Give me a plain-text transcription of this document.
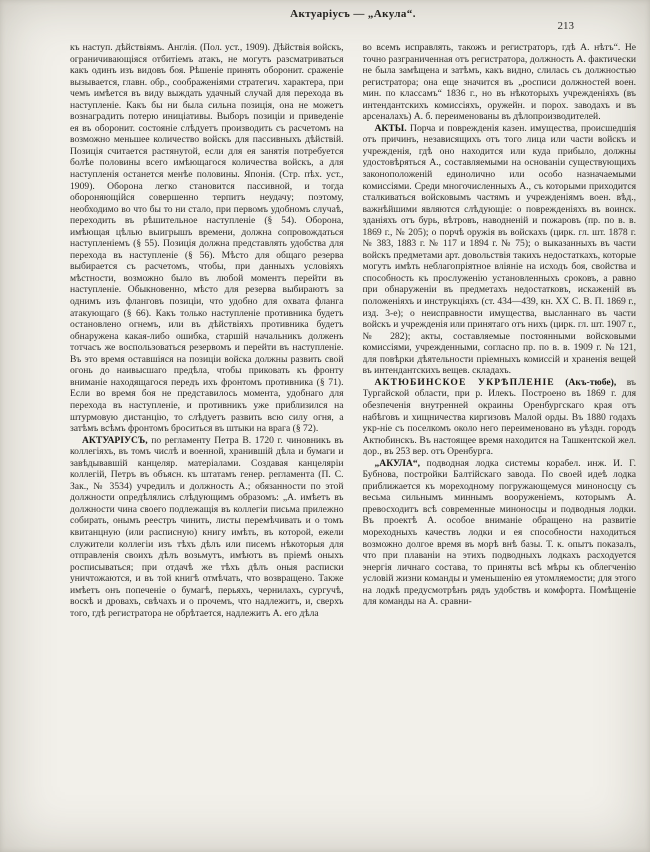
Актуаріусъ — „Акула“.
213

къ наступ. дѣйствіямъ. Англія. (Пол. уст., 1909). Дѣйствія войскъ, ограничивающіяся отбитіемъ атакъ, не могутъ разсматриваться какъ одинъ изъ видовъ боя. Рѣшеніе принять оборонит. сраженіе вызывается, главн. обр., соображеніями стратегич. характера, при чемъ имѣется въ виду выждать удачный случай для перехода въ наступленіе. Какъ бы ни была сильна позиція, она не можетъ вознаградить потерю иниціативы. Выборъ позиціи и приведеніе ея въ оборонит. состояніе слѣдуетъ производить съ расчетомъ на возможно меньшее количество войскъ для пассивныхъ дѣйствій. Позиція считается растянутой, если для ея занятія потребуется болѣе половины всего имѣющагося количества войскъ, а для наступленія останется менѣе половины. Японія. (Стр. пѣх. уст., 1909). Оборона легко становится пассивной, и тогда обороняющійся совершенно терпитъ неудачу; поэтому, необходимо во что бы то ни стало, при первомъ удобномъ случаѣ, переходить въ рѣшительное наступленіе (§ 54). Оборона, имѣющая цѣлью выигрышъ времени, должна сопровождаться наступленіемъ (§ 55). Позиція должна представлять удобства для перехода въ наступленіе (§ 56). Мѣсто для общаго резерва выбирается съ расчетомъ, чтобы, при данныхъ условіяхъ мѣстности, возможно было въ любой моментъ перейти въ наступленіе. Обыкновенно, мѣсто для резерва выбираютъ за однимъ изъ фланговъ позиціи, что удобно для охвата фланга атакующаго (§ 66). Какъ только наступленіе противника будетъ остановлено огнемъ, или въ дѣйствіяхъ противника будетъ обнаружена какая-либо ошибка, старшій начальникъ долженъ тотчасъ же воспользоваться резервомъ и перейти въ наступленіе. Въ это время оставшіяся на позиціи войска должны развить свой огонь до наивысшаго предѣла, чтобы приковать къ фронту вниманіе находящагося передъ ихъ фронтомъ противника (§ 71). Если во время боя не представилось момента, удобнаго для перехода въ наступленіе, и противникъ уже приблизился на штурмовую дистанцію, то слѣдуетъ развить всю силу огня, а затѣмъ всѣмъ фронтомъ броситься въ штыки на врага (§ 72).

АКТУАРІУСЪ, по регламенту Петра В. 1720 г. чиновникъ въ коллегіяхъ, въ томъ числѣ и военной, хранившій дѣла и бумаги и завѣдывавшій канцеляр. матеріалами. Создавая канцеляріи коллегій, Петръ въ объясн. къ штатамъ генер. регламента (П. С. Зак., № 3534) учредилъ и должность А.; обязанности по этой должности опредѣлялись слѣдующимъ образомъ: „А. имѣетъ въ должности чина своего подлежащія въ коллегіи письма прилежно собирать, онымъ реестръ чинить, листы перемѣчивать и о томъ квитанцную (или расписную) книгу имѣть, въ которой, ежели служители коллегіи изъ тѣхъ дѣлъ или писемъ нѣкоторыя для отправленія своихъ дѣлъ возьмутъ, имѣютъ въ пріемѣ оныхъ росписываться; при отдачѣ же тѣхъ дѣлъ оныя расписки уничтожаются, и въ той книгѣ отмѣчать, что возвращено. Также имѣетъ онъ попеченіе о бумагѣ, перьяхъ, чернилахъ, сургучѣ, воскѣ и дровахъ, свѣчахъ и о прочемъ, что надлежитъ, и, сверхъ того, гдѣ регистратора не обрѣтается, надлежитъ А. его дѣла

во всемъ исправлять, такожъ и регистраторъ, гдѣ А. нѣтъ“. Не точно разграниченная отъ регистратора, должность А. фактически не была замѣщена и затѣмъ, какъ видно, слилась съ должностью регистратора; она еще значится въ „росписи должностей воен. мин. по классамъ“ 1836 г., но въ нѣкоторыхъ учрежденіяхъ (въ интендантскихъ комиссіяхъ, оружейн. и порох. заводахъ и въ арсеналахъ) А. б. переименованы въ дѣлопроизводителей.

АКТЫ. Порча и поврежденія казен. имущества, происшедшія отъ причинъ, независящихъ отъ того лица или части войскъ и учрежденія, гдѣ оно находится или куда прибыло, должны удостовѣряться А., составляемыми на основаніи существующихъ законоположеній единолично или особо назначаемыми комиссіями. Среди многочисленныхъ А., съ которыми приходится сталкиваться войсковымъ частямъ и учрежденіямъ воен. вѣд., важнѣйшими являются слѣдующіе: о поврежденіяхъ въ воинск. зданіяхъ отъ бурь, вѣтровъ, наводненій и пожаровъ (пр. по в. в. 1869 г., № 205); о порчѣ оружія въ войскахъ (цирк. гл. шт. 1878 г. № 383, 1883 г. № 117 и 1894 г. № 75); о выказанныхъ въ части войскъ предметами арт. довольствія такихъ недостаткахъ, которые могутъ имѣть неблагопріятное вліяніе на исходъ боя, свойства и способность къ прослуженію установленныхъ сроковъ, а равно при обнаруженіи въ предметахъ недостатковъ, искаженій въ положеніяхъ и инструкціяхъ (ст. 434—439, кн. XX С. В. П. 1869 г., изд. 3-е); о неисправности имущества, высланнаго въ части войскъ и учрежденія или принятаго отъ нихъ (цирк. гл. шт. 1907 г., № 282); акты, составляемые постоянными войсковыми комиссіями, учрежденными, согласно пр. по в. в. 1909 г. № 121, для повѣрки дѣятельности пріемныхъ комиссій и храненія вещей въ интендантскихъ вещев. складахъ.

АКТЮБИНСКОЕ УКРѢПЛЕНІЕ (Акъ-тюбе), въ Тургайской области, при р. Илекъ. Построено въ 1869 г. для обезпеченія внутренней окраины Оренбургскаго края отъ набѣговъ и хищничества киргизовъ Малой орды. Въ 1880 годахъ укр-ніе съ поселкомъ около него переименовано въ уѣздн. городъ Актюбинскъ. Въ настоящее время находится на Ташкентской жел. дор., въ 253 вер. отъ Оренбурга.

„АКУЛА“, подводная лодка системы корабел. инж. И. Г. Бубнова, постройки Балтійскаго завода. По своей идеѣ лодка приближается къ мореходному погружающемуся миноносцу съ весьма сильнымъ миннымъ вооруженіемъ, которымъ А. превосходитъ всѣ современные миноносцы и подводныя лодки. Въ проектѣ А. особое вниманіе обращено на развитіе мореходныхъ качествъ лодки и ея способности находиться возможно долгое время въ морѣ внѣ базы. Т. к. опытъ показалъ, что при плаваніи на этихъ подводныхъ лодкахъ расходуется энергія личнаго состава, то приняты всѣ мѣры къ облегченію условій жизни команды и уменьшенію ея утомляемости; для этого на лодкѣ предусмотрѣнъ рядъ удобствъ и комфорта. Помѣщеніе для команды на А. сравни-
